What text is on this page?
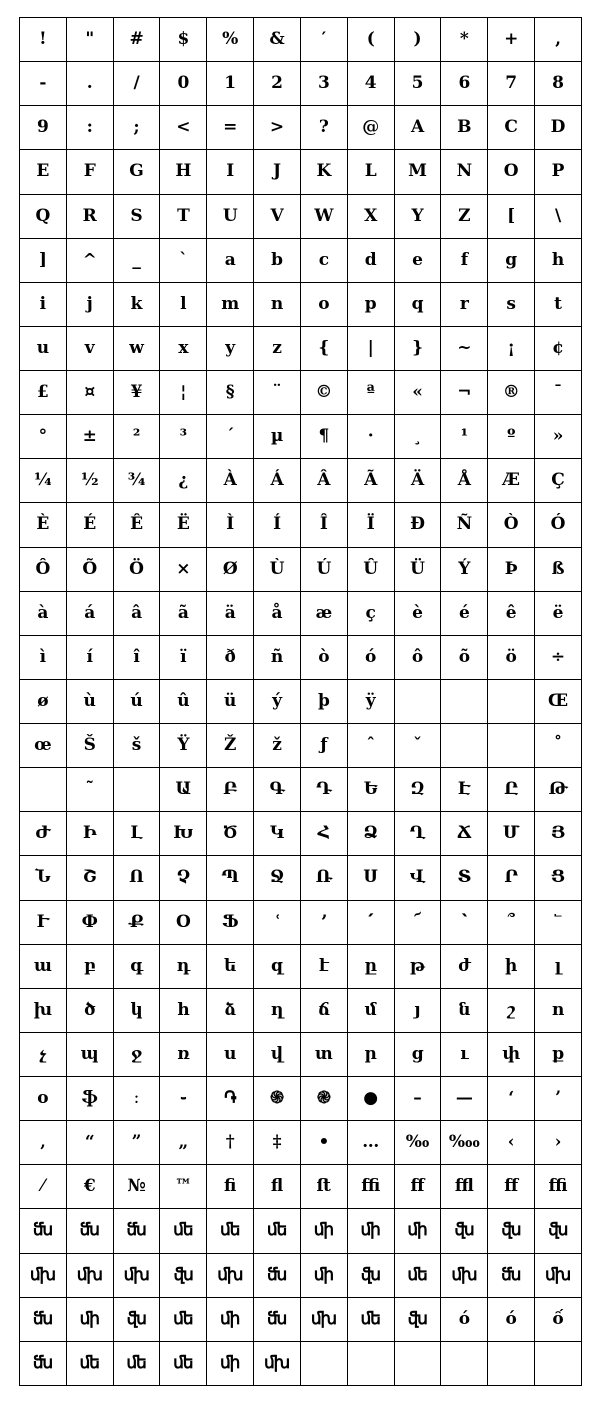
!	"	#	$	%	&	′	(	)	*	+	,
-	.	/	0	1	2	3	4	5	6	7	8
9	:	;	<	=	>	?	@	A	B	C	D
E	F	G	H	I	J	K	L	M	N	O	P
Q	R	S	T	U	V	W	X	Y	Z	[	\
]	^	_	`	a	b	c	d	e	f	g	h
i	j	k	l	m	n	o	p	q	r	s	t
u	v	w	x	y	z	{	|	}	~	¡	¢
£	¤	¥	¦	§	¨	©	ª	«	¬	®	¯
°	±	²	³	´	µ	¶	·	¸	¹	º	»
¼	½	¾	¿	À	Á	Â	Ã	Ä	Å	Æ	Ç
È	É	Ê	Ë	Ì	Í	Î	Ï	Ð	Ñ	Ò	Ó
Ô	Õ	Ö	×	Ø	Ù	Ú	Û	Ü	Ý	Þ	ß
à	á	â	ã	ä	å	æ	ç	è	é	ê	ë
ì	í	î	ï	ð	ñ	ò	ó	ô	õ	ö	÷
ø	ù	ú	û	ü	ý	þ	ÿ				Œ
œ	Š	š	Ÿ	Ž	ž	ƒ	ˆ	ˇ			˚
	˜		Ա	Բ	Գ	Դ	Ե	Զ	Է	Ը	Թ
Ժ	Ի	Լ	Խ	Ծ	Կ	Հ	Ձ	Ղ	Ճ	Մ	Յ
Ն	Շ	Ո	Չ	Պ	Ջ	Ռ	Ս	Վ	Տ	Ր	Ց
Ւ	Փ	Ք	Օ	Ֆ	ՙ	՚	՛	՜	՝	՞	՟
ա	բ	գ	դ	ե	զ	է	ը	թ	ժ	ի	լ
խ	ծ	կ	հ	ձ	ղ	ճ	մ	յ	ն	շ	ո
չ	պ	ջ	ռ	ս	վ	տ	ր	ց	ւ	փ	ք
օ	ֆ	։	֊	֏	֍	֎	●	–	—	‘	’
‚	“	”	„	†	‡	•	…	‰	‱	‹	›
⁄	€	№	™	ﬁ	ﬂ	ﬅ	ﬃ	ﬀ	ﬄ	ﬀ	ﬃ
ﬓ	ﬓ	ﬓ	ﬔ	ﬔ	ﬔ	ﬕ	ﬕ	ﬕ	ﬖ	ﬖ	ﬖ
ﬗ	ﬗ	ﬗ	ﬖ	ﬗ	ﬓ	ﬕ	ﬖ	ﬔ	ﬗ	ﬓ	ﬗ
ﬓ	ﬕ	ﬖ	ﬔ	ﬕ	ﬓ	ﬗ	ﬔ	ﬖ	ó	ó	ố
ﬓ	ﬔ	ﬔ	ﬔ	ﬕ	ﬗ						
